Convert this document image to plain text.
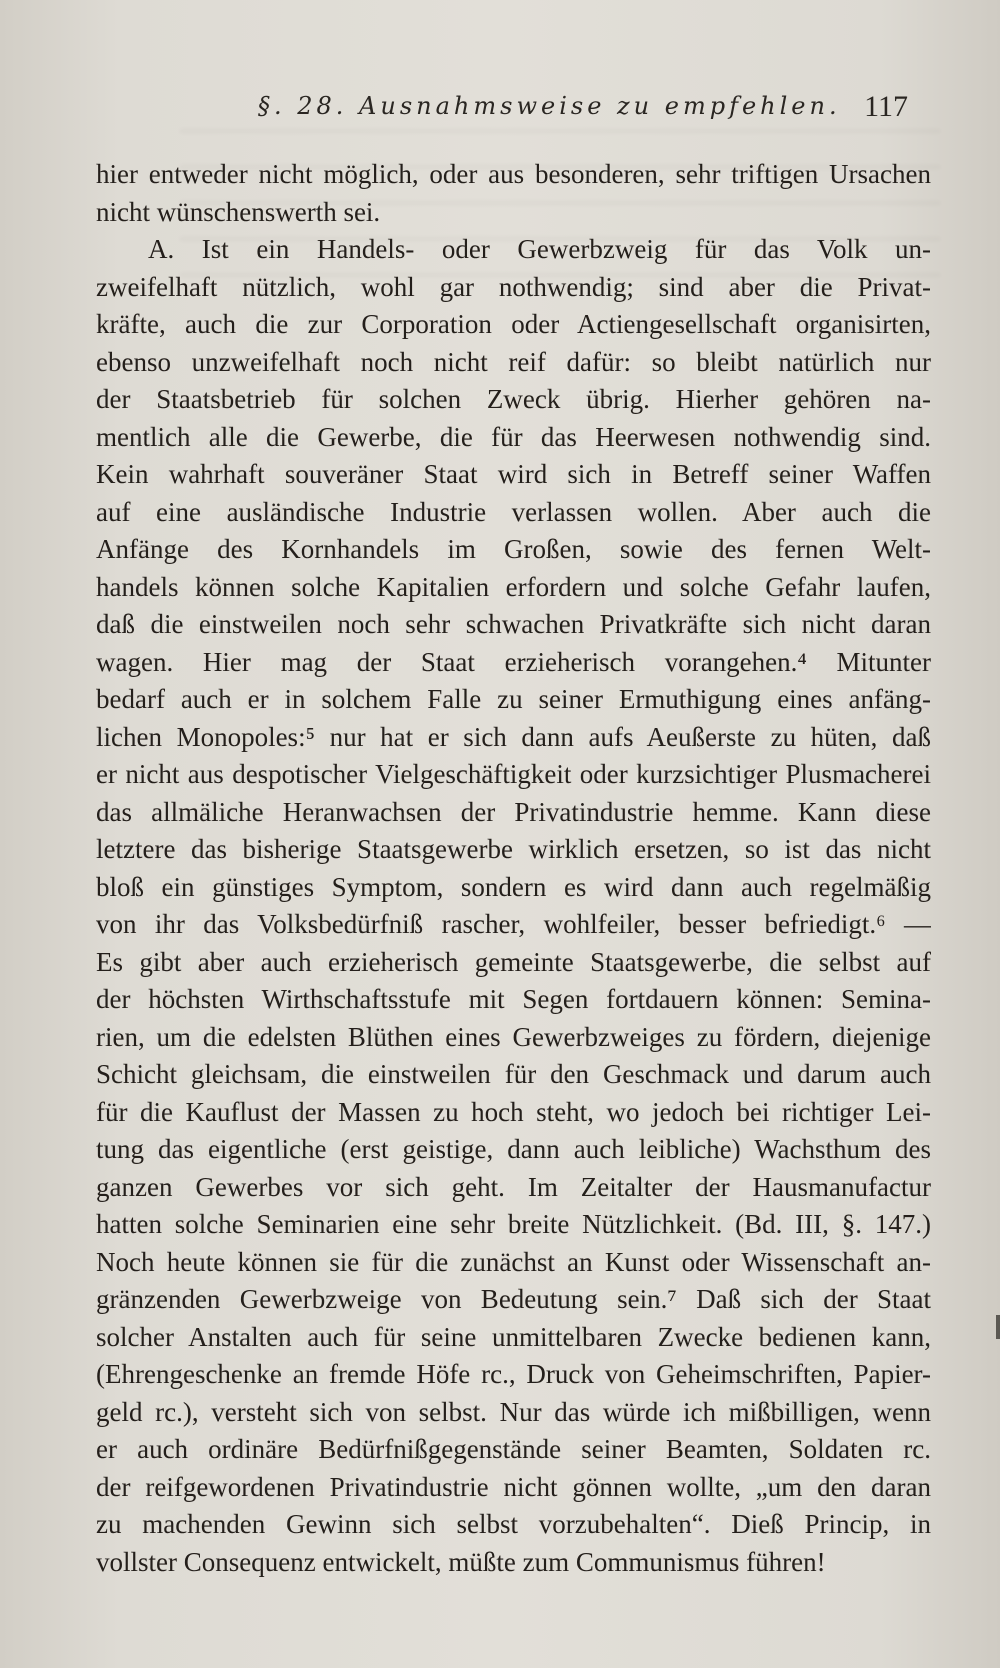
§. 28. Ausnahmsweise zu empfehlen. 117
hier entweder nicht möglich, oder aus besonderen, sehr triftigen Ursachen
nicht wünschenswerth sei.
A. Ist ein Handels- oder Gewerbzweig für das Volk un-
zweifelhaft nützlich, wohl gar nothwendig; sind aber die Privat-
kräfte, auch die zur Corporation oder Actiengesellschaft organisirten,
ebenso unzweifelhaft noch nicht reif dafür: so bleibt natürlich nur
der Staatsbetrieb für solchen Zweck übrig. Hierher gehören na-
mentlich alle die Gewerbe, die für das Heerwesen nothwendig sind.
Kein wahrhaft souveräner Staat wird sich in Betreff seiner Waffen
auf eine ausländische Industrie verlassen wollen. Aber auch die
Anfänge des Kornhandels im Großen, sowie des fernen Welt-
handels können solche Kapitalien erfordern und solche Gefahr laufen,
daß die einstweilen noch sehr schwachen Privatkräfte sich nicht daran
wagen. Hier mag der Staat erzieherisch vorangehen.⁴ Mitunter
bedarf auch er in solchem Falle zu seiner Ermuthigung eines anfäng-
lichen Monopoles:⁵ nur hat er sich dann aufs Aeußerste zu hüten, daß
er nicht aus despotischer Vielgeschäftigkeit oder kurzsichtiger Plusmacherei
das allmäliche Heranwachsen der Privatindustrie hemme. Kann diese
letztere das bisherige Staatsgewerbe wirklich ersetzen, so ist das nicht
bloß ein günstiges Symptom, sondern es wird dann auch regelmäßig
von ihr das Volksbedürfniß rascher, wohlfeiler, besser befriedigt.⁶ —
Es gibt aber auch erzieherisch gemeinte Staatsgewerbe, die selbst auf
der höchsten Wirthschaftsstufe mit Segen fortdauern können: Semina-
rien, um die edelsten Blüthen eines Gewerbzweiges zu fördern, diejenige
Schicht gleichsam, die einstweilen für den Geschmack und darum auch
für die Kauflust der Massen zu hoch steht, wo jedoch bei richtiger Lei-
tung das eigentliche (erst geistige, dann auch leibliche) Wachsthum des
ganzen Gewerbes vor sich geht. Im Zeitalter der Hausmanufactur
hatten solche Seminarien eine sehr breite Nützlichkeit. (Bd. III, §. 147.)
Noch heute können sie für die zunächst an Kunst oder Wissenschaft an-
gränzenden Gewerbzweige von Bedeutung sein.⁷ Daß sich der Staat
solcher Anstalten auch für seine unmittelbaren Zwecke bedienen kann,
(Ehrengeschenke an fremde Höfe rc., Druck von Geheimschriften, Papier-
geld rc.), versteht sich von selbst. Nur das würde ich mißbilligen, wenn
er auch ordinäre Bedürfnißgegenstände seiner Beamten, Soldaten rc.
der reifgewordenen Privatindustrie nicht gönnen wollte, „um den daran
zu machenden Gewinn sich selbst vorzubehalten“. Dieß Princip, in
vollster Consequenz entwickelt, müßte zum Communismus führen!
